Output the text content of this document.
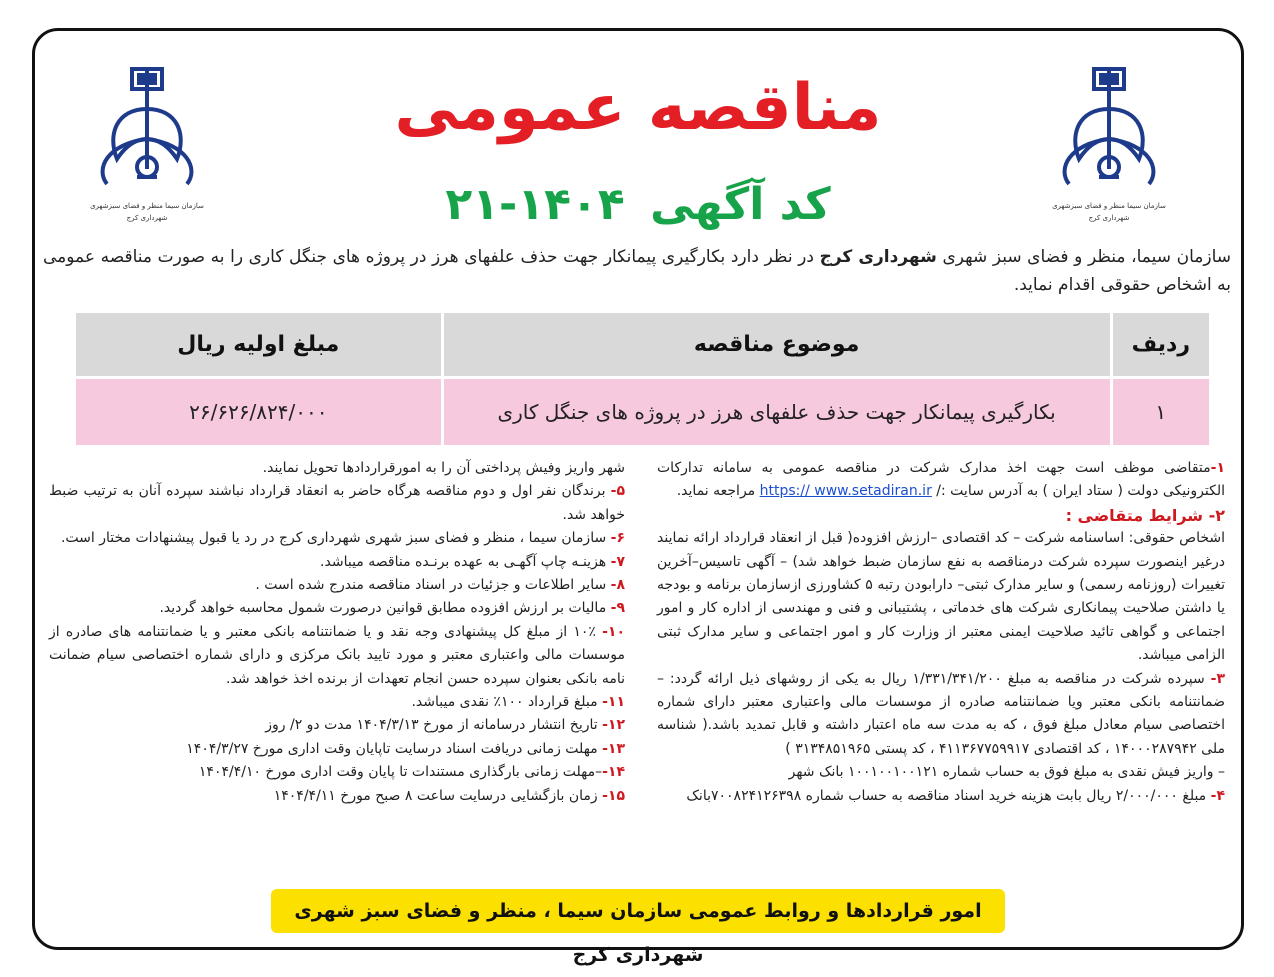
سازمان سیما منظر و فضای سبزشهری
شهرداری کرج
سازمان سیما منظر و فضای سبزشهری
شهرداری کرج
مناقصه عمومی
کد آگهی ۲۱-۱۴۰۴

سازمان سیما، منظر و فضای سبز شهری شهرداری کرج در نظر دارد بکارگیری پیمانکار جهت حذف علفهای هرز در پروژه های جنگل کاری را به صورت مناقصه عمومی به اشخاص حقوقی اقدام نماید.

ردیف	موضوع مناقصه	مبلغ اولیه ریال
۱	بکارگیری پیمانکار جهت حذف علفهای هرز در پروژه های جنگل کاری	۲۶/۶۲۶/۸۲۴/۰۰۰

۱-متقاضی موظف است جهت اخذ مدارک شرکت در مناقصه عمومی به سامانه تدارکات الکترونیکی دولت ( ستاد ایران ) به آدرس سایت :/ https:// www.setadiran.ir مراجعه نماید.

۲- شرایط متقاضی :

اشخاص حقوقی: اساسنامه شرکت – کد اقتصادی –ارزش افزوده( قبل از انعقاد قرارداد ارائه نمایند درغیر اینصورت سپرده شرکت درمناقصه به نفع سازمان ضبط خواهد شد) – آگهی تاسیس–آخرین تغییرات (روزنامه رسمی) و سایر مدارک ثبتی– دارابودن رتبه ۵ کشاورزی ازسازمان برنامه و بودجه یا داشتن صلاحیت پیمانکاری شرکت های خدماتی ، پشتیبانی و فنی و مهندسی از اداره کار و امور اجتماعی و گواهی تائید صلاحیت ایمنی معتبر از وزارت کار و امور اجتماعی و سایر مدارک ثبتی الزامی میباشد.

۳- سپرده شرکت در مناقصه به مبلغ ۱/۳۳۱/۳۴۱/۲۰۰ ریال به یکی از روشهای ذیل ارائه گردد: –ضمانتنامه بانکی معتبر ویا ضمانتنامه صادره از موسسات مالی واعتباری معتبر دارای شماره اختصاصی سیام معادل مبلغ فوق ، که به مدت سه ماه اعتبار داشته و قابل تمدید باشد.( شناسه ملی ۱۴۰۰۰۲۸۷۹۴۲ ، کد اقتصادی ۴۱۱۳۶۷۷۵۹۹۱۷ ، کد پستی ۳۱۳۴۸۵۱۹۶۵ )

– واریز فیش نقدی به مبلغ فوق به حساب شماره ۱۰۰۱۰۰۱۰۰۱۲۱ بانک شهر

۴- مبلغ ۲/۰۰۰/۰۰۰ ریال بابت هزینه خرید اسناد مناقصه به حساب شماره ۷۰۰۸۲۴۱۲۶۳۹۸بانک

شهر واریز وفیش پرداختی آن را به امورقراردادها تحویل نمایند.

۵- برندگان نفر اول و دوم مناقصه هرگاه حاضر به انعقاد قرارداد نباشند سپرده آنان به ترتیب ضبط خواهد شد.

۶- سازمان سیما ، منظر و فضای سبز شهری شهرداری کرج در رد یا قبول پیشنهادات مختار است.

۷- هزینـه چاپ آگهـی به عهده برنـده مناقصه میباشد.

۸- سایر اطلاعات و جزئیات در اسناد مناقصه مندرج شده است .

۹- مالیات بر ارزش افزوده مطابق قوانین درصورت شمول محاسبه خواهد گردید.

۱۰- ۱۰٪ از مبلغ کل پیشنهادی وجه نقد و یا ضمانتنامه بانکی معتبر و یا ضمانتنامه های صادره از موسسات مالی واعتباری معتبر و مورد تایید بانک مرکزی و دارای شماره اختصاصی سیام ضمانت نامه بانکی بعنوان سپرده حسن انجام تعهدات از برنده اخذ خواهد شد.

۱۱- مبلغ قرارداد ۱۰۰٪ نقدی میباشد.

۱۲- تاریخ انتشار درسامانه از مورخ ۱۴۰۴/۳/۱۳ مدت دو ۲/ روز

۱۳- مهلت زمانی دریافت اسناد درسایت تاپایان وقت اداری مورخ ۱۴۰۴/۳/۲۷

۱۴-–مهلت زمانی بارگذاری مستندات تا پایان وقت اداری مورخ ۱۴۰۴/۴/۱۰

۱۵- زمان بازگشایی درسایت ساعت ۸ صبح مورخ ۱۴۰۴/۴/۱۱

امور قراردادها و روابط عمومی سازمان سیما ، منظر و فضای سبز شهری شهرداری کرج
